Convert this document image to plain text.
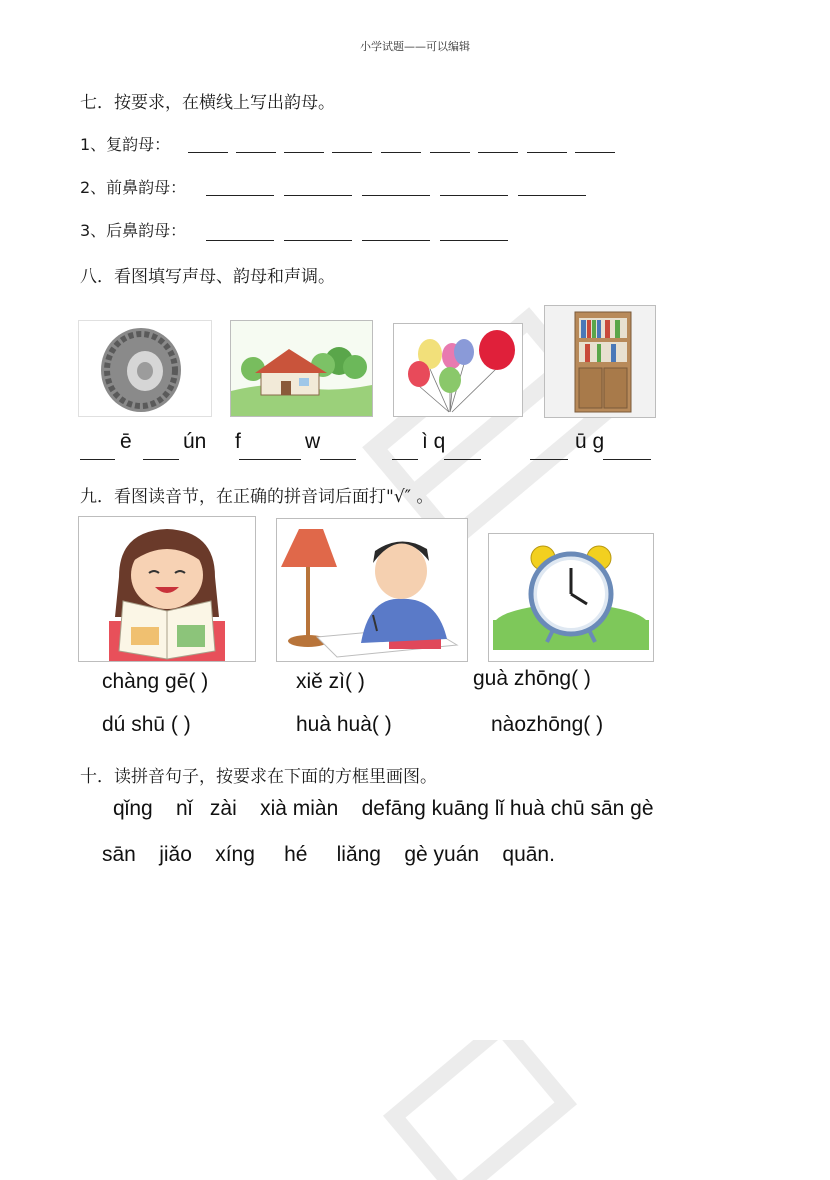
小学试题——可以编辑
七．按要求，在横线上写出韵母。
1、复韵母：
2、前鼻韵母：
3、后鼻韵母：
八．看图填写声母、韵母和声调。
ē ún f	w	ì q	ū g
九．看图读音节，在正确的拼音词后面打"√″ 。
chàng gē( )	xiě zì( )	guà zhōng( )
dú shū ( )	huà huà( )	nàozhōng( )
十．读拼音句子，按要求在下面的方框里画图。
qǐng    nǐ   zài    xià miàn    defāng kuāng lǐ huà chū sān gè
sān    jiǎo    xíng     hé     liǎng    gè yuán    quān.
